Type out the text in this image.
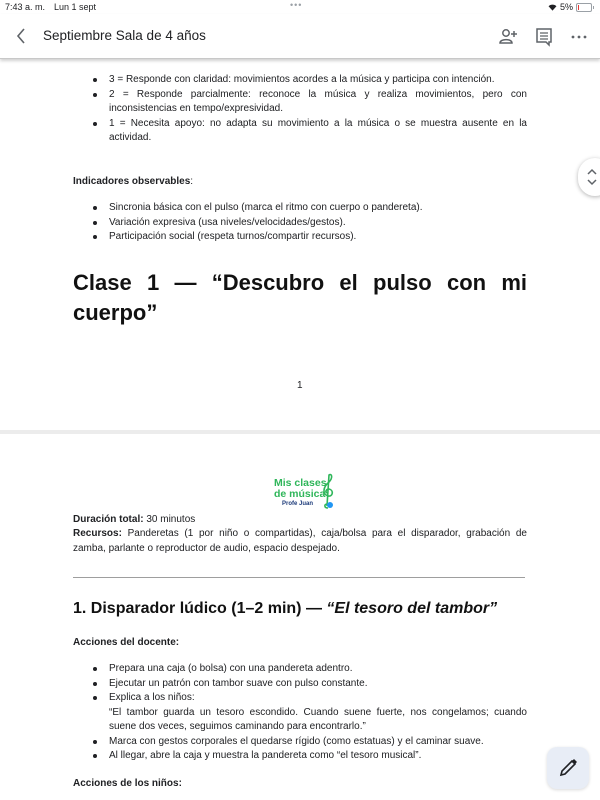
7:43 a. m. Lun 1 sept	•••	5%
Septiembre Sala de 4 años
3 = Responde con claridad: movimientos acordes a la música y participa con intención.
2 = Responde parcialmente: reconoce la música y realiza movimientos, pero con inconsistencias en tempo/expresividad.
1 = Necesita apoyo: no adapta su movimiento a la música o se muestra ausente en la actividad.
Indicadores observables:
Sincronia básica con el pulso (marca el ritmo con cuerpo o pandereta).
Variación expresiva (usa niveles/velocidades/gestos).
Participación social (respeta turnos/compartir recursos).
Clase 1 — “Descubro el pulso con mi cuerpo”
1
Mis clases
de música
Profe Juan
Duración total: 30 minutos
Recursos: Panderetas (1 por niño o compartidas), caja/bolsa para el disparador, grabación de zamba, parlante o reproductor de audio, espacio despejado.
1. Disparador lúdico (1–2 min) — “El tesoro del tambor”
Acciones del docente:
Prepara una caja (o bolsa) con una pandereta adentro.
Ejecutar un patrón con tambor suave con pulso constante.
Explica a los niños:
“El tambor guarda un tesoro escondido. Cuando suene fuerte, nos congelamos; cuando suene dos veces, seguimos caminando para encontrarlo.”
Marca con gestos corporales el quedarse rígido (como estatuas) y el caminar suave.
Al llegar, abre la caja y muestra la pandereta como “el tesoro musical”.
Acciones de los niños:
